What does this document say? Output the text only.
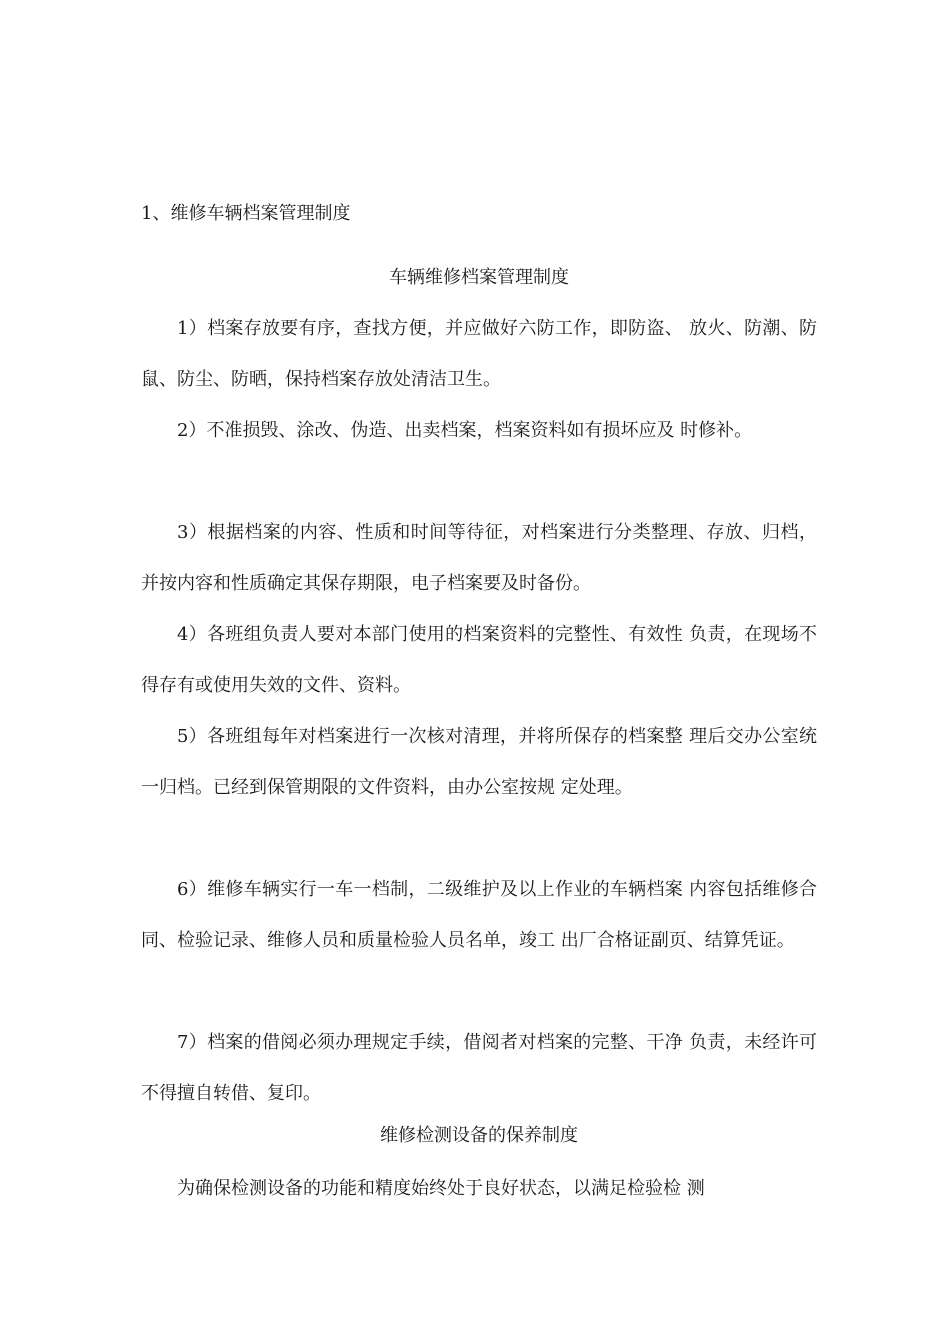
1、维修车辆档案管理制度
车辆维修档案管理制度

1）档案存放要有序，查找方便，并应做好六防工作，即防盗、 放火、防潮、防鼠、防尘、防晒，保持档案存放处清洁卫生。

2）不准损毁、涂改、伪造、出卖档案，档案资料如有损坏应及 时修补。

3）根据档案的内容、性质和时间等待征，对档案进行分类整理、存放、归档，并按内容和性质确定其保存期限，电子档案要及时备份。

4）各班组负责人要对本部门使用的档案资料的完整性、有效性 负责，在现场不得存有或使用失效的文件、资料。

5）各班组每年对档案进行一次核对清理，并将所保存的档案整 理后交办公室统一归档。已经到保管期限的文件资料，由办公室按规 定处理。

6）维修车辆实行一车一档制，二级维护及以上作业的车辆档案 内容包括维修合同、检验记录、维修人员和质量检验人员名单，竣工 出厂合格证副页、结算凭证。

7）档案的借阅必须办理规定手续，借阅者对档案的完整、干净 负责，未经许可不得擅自转借、复印。

维修检测设备的保养制度

为确保检测设备的功能和精度始终处于良好状态，以满足检验检 测
